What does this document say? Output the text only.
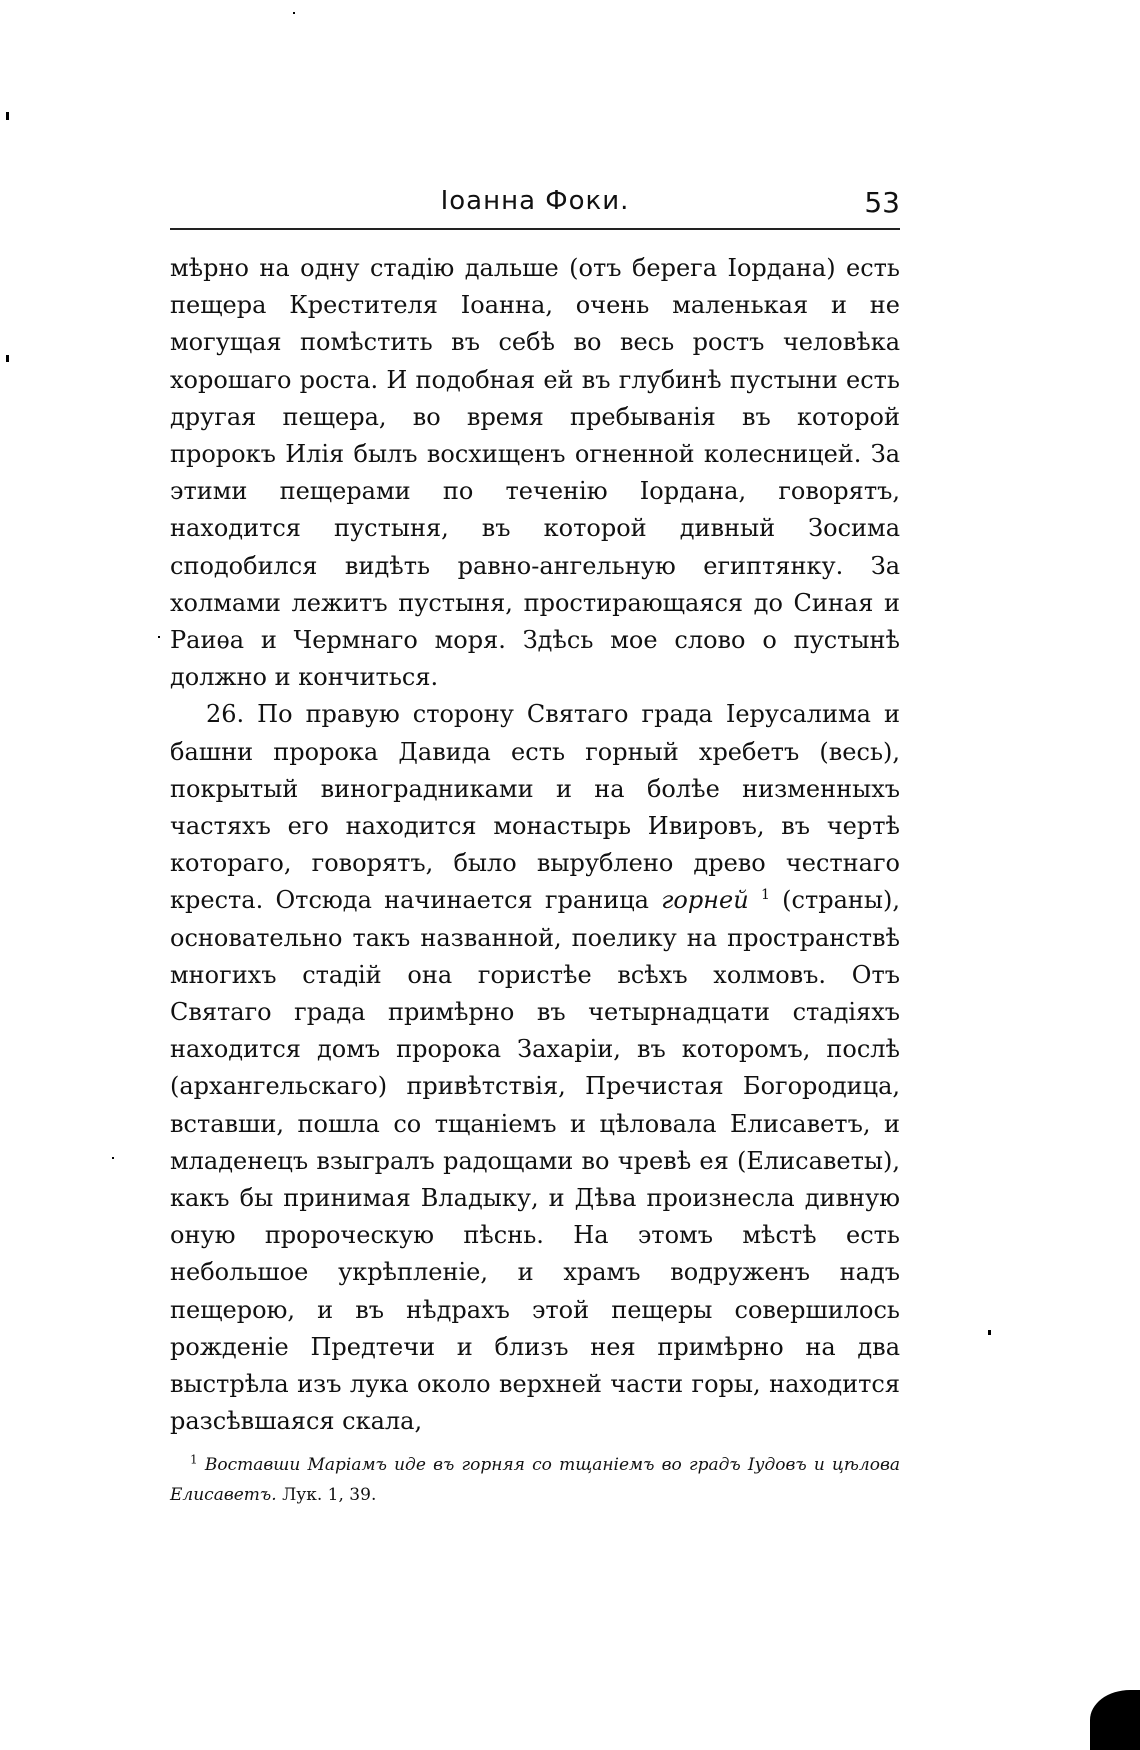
Іоанна Фоки.	53

мѣрно на одну стадію дальше (отъ берега Іордана) есть пещера Крестителя Іоанна, очень маленькая и не могущая помѣстить въ себѣ во весь ростъ человѣка хорошаго роста. И подобная ей въ глубинѣ пустыни есть другая пещера, во время пребыванія въ которой пророкъ Илія былъ восхищенъ огненной колесницей. За этими пещерами по теченію Іордана, говорятъ, находится пустыня, въ которой дивный Зосима сподобился видѣть равно-ангельную египтянку. За холмами лежитъ пустыня, простирающаяся до Синая и Раиѳа и Чермнаго моря. Здѣсь мое слово о пустынѣ должно и кончиться.

26. По правую сторону Святаго града Іерусалима и башни пророка Давида есть горный хребетъ (весь), покрытый виноградниками и на болѣе низменныхъ частяхъ его находится монастырь Ивировъ, въ чертѣ котораго, говорятъ, было вырублено древо честнаго креста. Отсюда начинается граница горней $^1$ (страны), основательно такъ названной, поелику на пространствѣ многихъ стадій она гористѣе всѣхъ холмовъ. Отъ Святаго града примѣрно въ четырнадцати стадіяхъ находится домъ пророка Захаріи, въ которомъ, послѣ (архангельскаго) привѣтствія, Пречистая Богородица, вставши, пошла со тщаніемъ и цѣловала Елисаветъ, и младенецъ взыгралъ радощами во чревѣ ея (Елисаветы), какъ бы принимая Владыку, и Дѣва произнесла дивную оную пророческую пѣснь. На этомъ мѣстѣ есть небольшое укрѣпленіе, и храмъ водруженъ надъ пещерою, и въ нѣдрахъ этой пещеры совершилось рожденіе Предтечи и близъ нея примѣрно на два выстрѣла изъ лука около верхней части горы, находится разсѣвшаяся скала,

$^1$ Воставши Маріамъ иде въ горняя со тщаніемъ во градъ Іудовъ и цѣлова Елисаветъ. Лук. 1, 39.
